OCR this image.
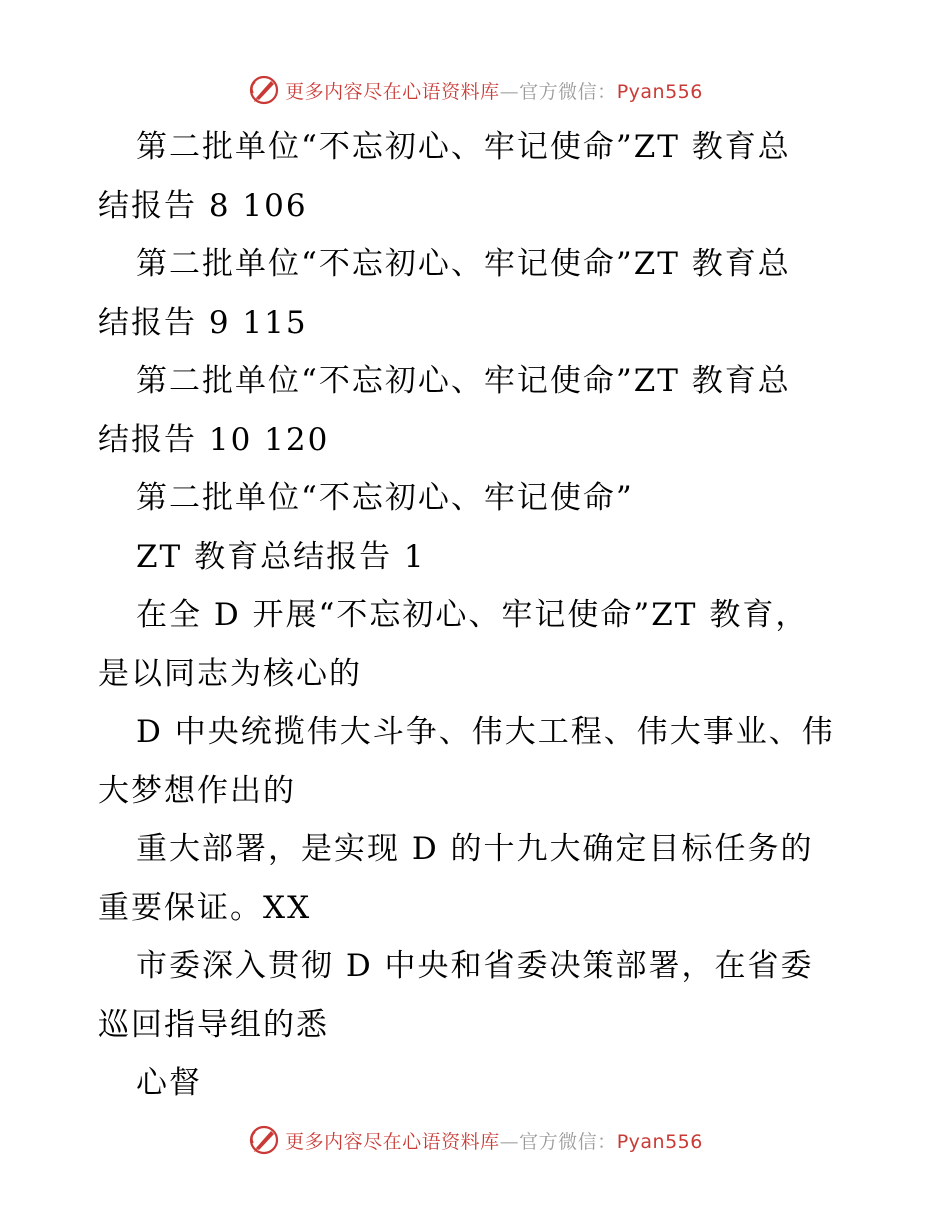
更多内容尽在心语资料库—官方微信：Pyan556
第二批单位“不忘初心、牢记使命”ZT 教育总
结报告 8 106
第二批单位“不忘初心、牢记使命”ZT 教育总
结报告 9 115
第二批单位“不忘初心、牢记使命”ZT 教育总
结报告 10 120
第二批单位“不忘初心、牢记使命”
ZT 教育总结报告 1
在全 D 开展“不忘初心、牢记使命”ZT 教育，
是以同志为核心的
D 中央统揽伟大斗争、伟大工程、伟大事业、伟
大梦想作出的
重大部署，是实现 D 的十九大确定目标任务的
重要保证。XX
市委深入贯彻 D 中央和省委决策部署，在省委
巡回指导组的悉
心督
更多内容尽在心语资料库—官方微信：Pyan556
